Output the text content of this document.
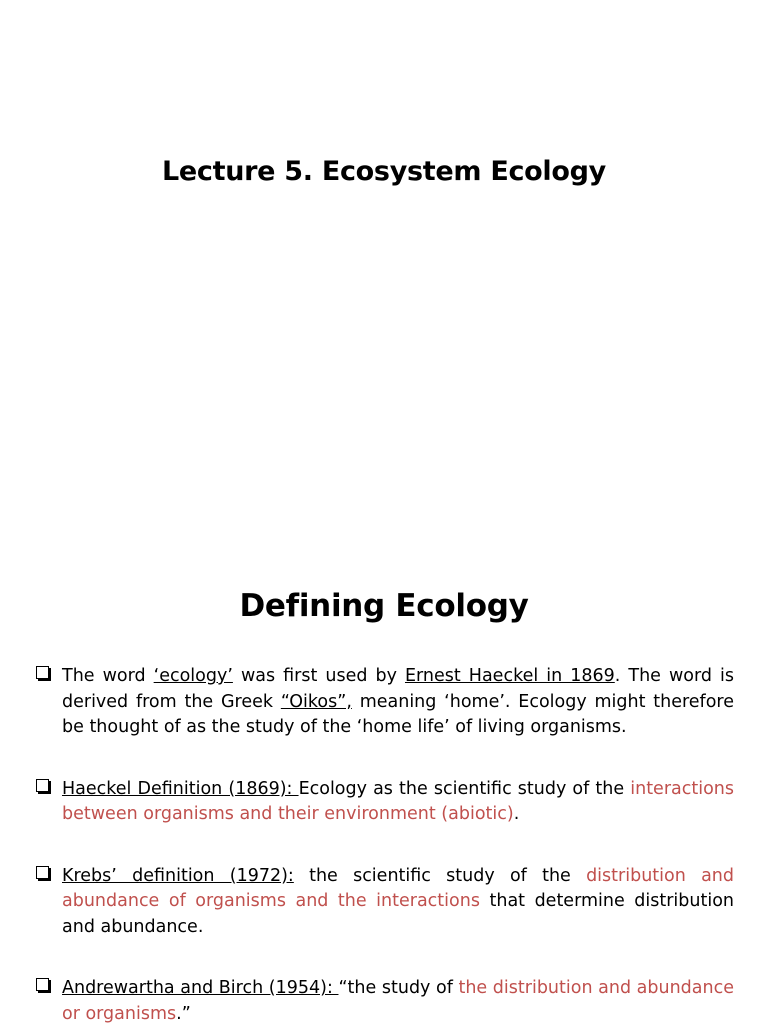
Lecture 5. Ecosystem Ecology
Defining Ecology
The word ‘ecology’ was first used by Ernest Haeckel in 1869. The word is derived from the Greek “Oikos”, meaning ‘home’. Ecology might therefore be thought of as the study of the ‘home life’ of living organisms.
Haeckel Definition (1869): Ecology as the scientific study of the interactions between organisms and their environment (abiotic).
Krebs’ definition (1972): the scientific study of the distribution and abundance of organisms and the interactions that determine distribution and abundance.
Andrewartha and Birch (1954): “the study of the distribution and abundance or organisms.”
